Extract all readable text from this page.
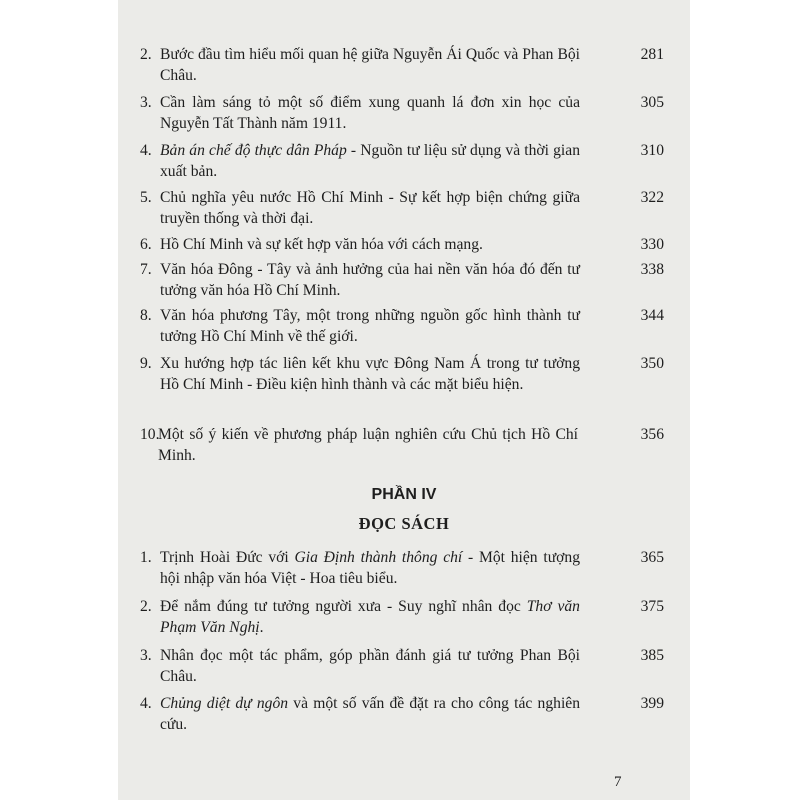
2. Bước đầu tìm hiểu mối quan hệ giữa Nguyễn Ái Quốc và Phan Bội Châu.
281
3. Cần làm sáng tỏ một số điểm xung quanh lá đơn xin học của Nguyễn Tất Thành năm 1911.
305
4. Bản án chế độ thực dân Pháp - Nguồn tư liệu sử dụng và thời gian xuất bản.
310
5. Chủ nghĩa yêu nước Hồ Chí Minh - Sự kết hợp biện chứng giữa truyền thống và thời đại.
322
6. Hồ Chí Minh và sự kết hợp văn hóa với cách mạng.	330
7. Văn hóa Đông - Tây và ảnh hưởng của hai nền văn hóa đó đến tư tưởng văn hóa Hồ Chí Minh.
338
8. Văn hóa phương Tây, một trong những nguồn gốc hình thành tư tưởng Hồ Chí Minh về thế giới.
344
9. Xu hướng hợp tác liên kết khu vực Đông Nam Á trong tư tưởng Hồ Chí Minh - Điều kiện hình thành và các mặt biểu hiện.
350
10.
Một số ý kiến về phương pháp luận nghiên cứu Chủ tịch Hồ Chí Minh.
356
PHẦN IV
ĐỌC SÁCH
1. Trịnh Hoài Đức với Gia Định thành thông chí - Một hiện tượng hội nhập văn hóa Việt - Hoa tiêu biểu.
365
2. Để nắm đúng tư tưởng người xưa - Suy nghĩ nhân đọc Thơ văn Phạm Văn Nghị.
375
3. Nhân đọc một tác phẩm, góp phần đánh giá tư tưởng Phan Bội Châu.
385
4. Chủng diệt dự ngôn và một số vấn đề đặt ra cho công tác nghiên cứu.
399
7
